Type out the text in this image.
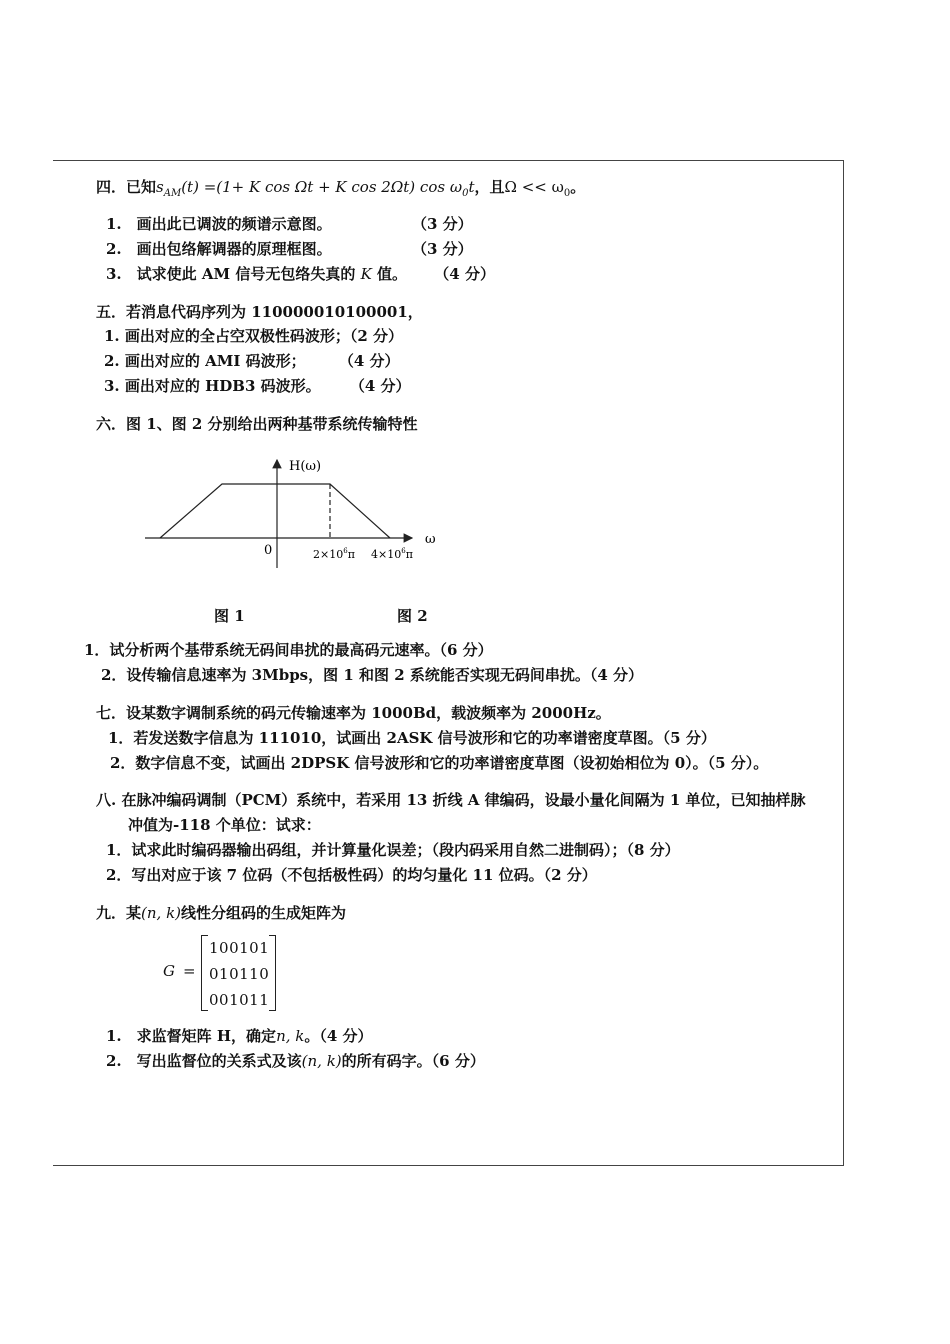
四．已知$s_{AM}(t) =(1+ K$ cos Ωt + K cos 2Ωt) $\cos \omega_0t$，且$\Omega << \omega_0$。
1.　画出此已调波的频谱示意图。	（3 分）
2.　画出包络解调器的原理框图。	（3 分）
3.　试求使此 AM 信号无包络失真的 K 值。 （4 分）
五．若消息代码序列为 110000010100001，
1. 画出对应的全占空双极性码波形；（2 分）
2. 画出对应的 AMI 码波形； （4 分）
3. 画出对应的 HDB3 码波形。 （4 分）
六．图 1、图 2 分别给出两种基带系统传输特性
H(ω)
ω
0	$2\times 10^6\pi$ $4\times 10^6\pi$
图 1	图 2
1．试分析两个基带系统无码间串扰的最高码元速率。（6 分）
2．设传输信息速率为 3Mbps，图 1 和图 2 系统能否实现无码间串扰。（4 分）
七．设某数字调制系统的码元传输速率为 1000Bd，载波频率为 2000Hz。
1．若发送数字信息为 111010，试画出 2ASK 信号波形和它的功率谱密度草图。（5 分）
2．数字信息不变，试画出 2DPSK 信号波形和它的功率谱密度草图（设初始相位为 0）。（5 分）。
八. 在脉冲编码调制（PCM）系统中，若采用 13 折线 A 律编码，设最小量化间隔为 1 单位，已知抽样脉
冲值为-118 个单位：试求：
1．试求此时编码器输出码组，并计算量化误差；（段内码采用自然二进制码）；（8 分）
2．写出对应于该 7 位码（不包括极性码）的均匀量化 11 位码。（2 分）
九．某(n, k)线性分组码的生成矩阵为
G =
100101
010110
001011
1.　求监督矩阵 H，确定n, k。（4 分）
2.　写出监督位的关系式及该(n, k)的所有码字。（6 分）
